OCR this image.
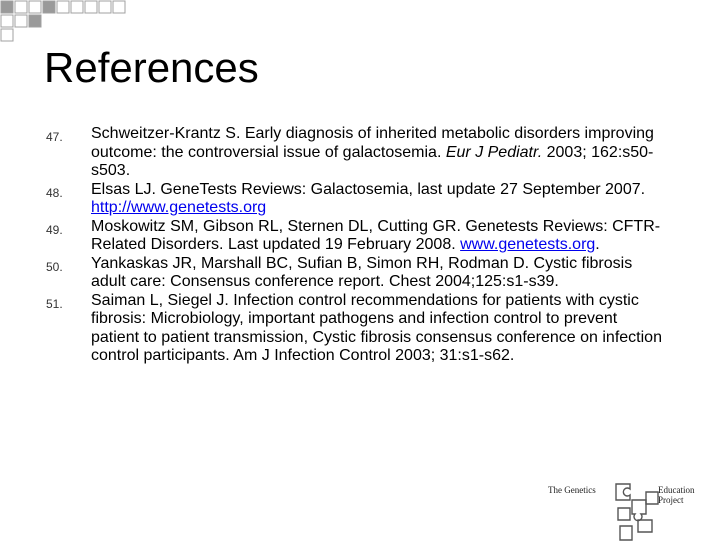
References
47.	Schweitzer-Krantz S. Early diagnosis of inherited metabolic disorders improving outcome: the controversial issue of galactosemia. Eur J Pediatr. 2003; 162:s50-s503.
48.	Elsas LJ. GeneTests Reviews: Galactosemia, last update 27 September 2007. http://www.genetests.org
49.	Moskowitz SM, Gibson RL, Sternen DL, Cutting GR. Genetests Reviews: CFTR-Related Disorders. Last updated 19 February 2008. www.genetests.org.
50.	Yankaskas JR, Marshall BC, Sufian B, Simon RH, Rodman D. Cystic fibrosis adult care: Consensus conference report. Chest 2004;125:s1-s39.
51.	Saiman L, Siegel J. Infection control recommendations for patients with cystic fibrosis: Microbiology, important pathogens and infection control to prevent patient to patient transmission, Cystic fibrosis consensus conference on infection control participants. Am J Infection Control 2003; 31:s1-s62.
The Genetics	Education Project
